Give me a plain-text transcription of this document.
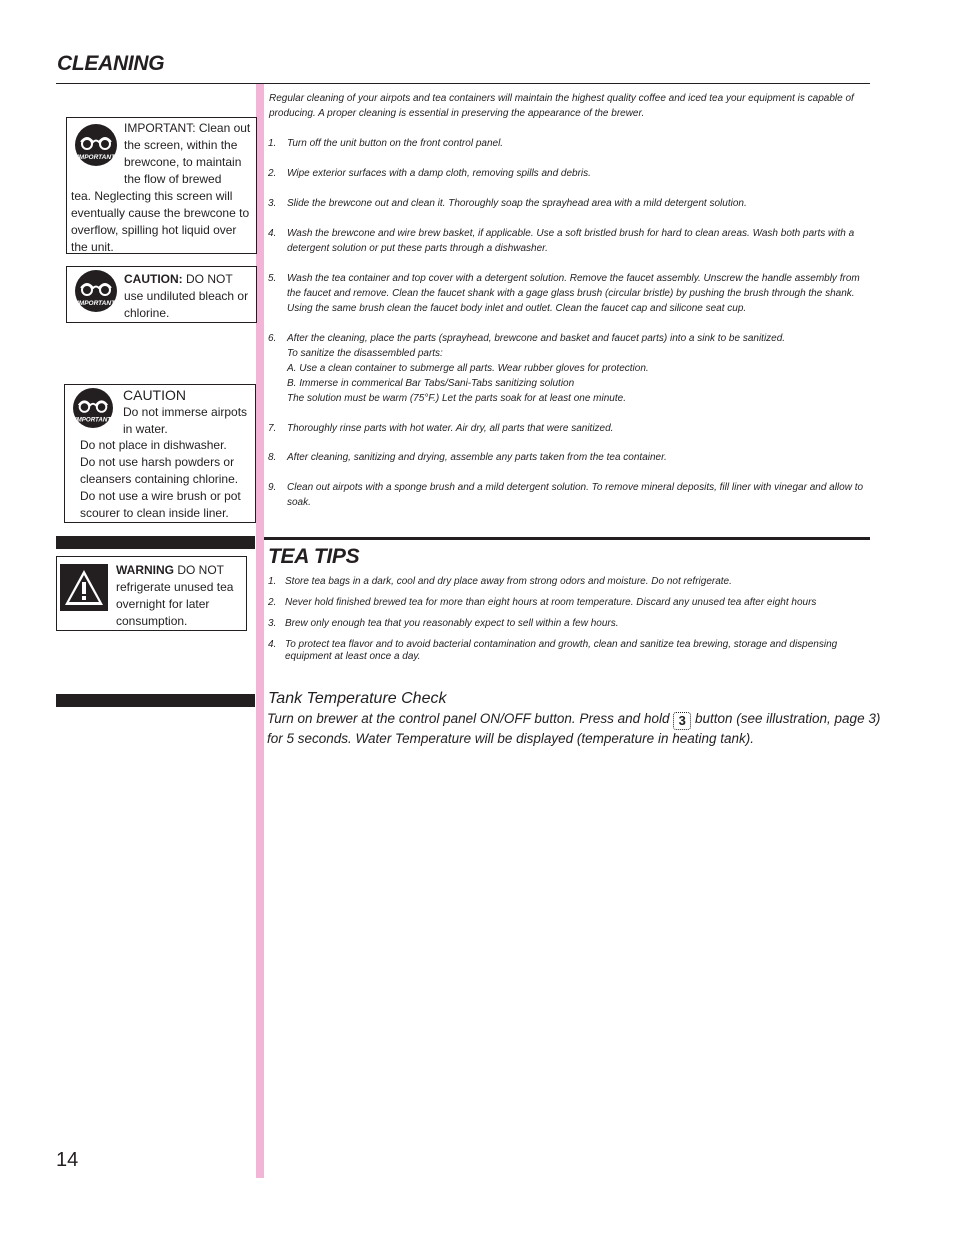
CLEANING
IMPORTANT
IMPORTANT: Clean out the screen, within the brewcone, to maintain the flow of brewed
tea. Neglecting this screen will eventually cause the brewcone to overflow, spilling hot liquid over the unit.
IMPORTANT
CAUTION: DO NOT use undiluted bleach or chlorine.
IMPORTANT
CAUTION
Do not immerse airpots in water.
Do not place in dishwasher.
Do not use harsh powders or
cleansers containing chlorine.
Do not use a wire brush or pot
scourer to clean inside liner.
WARNING DO NOT refrigerate unused tea overnight for later consumption.
Regular cleaning of your airpots and tea containers will maintain the highest quality coffee and iced tea your equipment is capable of producing. A proper cleaning is essential in preserving the appearance of the brewer.
1. Turn off the unit button on the front control panel.
2. Wipe exterior surfaces with a damp cloth, removing spills and debris.
3. Slide the brewcone out and clean it. Thoroughly soap the sprayhead area with a mild detergent solution.
4. Wash the brewcone and wire brew basket, if applicable. Use a soft bristled brush for hard to clean areas. Wash both parts with a detergent solution or put these parts through a dishwasher.
5. Wash the tea container and top cover with a detergent solution. Remove the faucet assembly. Unscrew the handle assembly from the faucet and remove. Clean the faucet shank with a gage glass brush (circular bristle) by pushing the brush through the shank. Using the same brush clean the faucet body inlet and outlet. Clean the faucet cap and silicone seat cup.
6. After the cleaning, place the parts (sprayhead, brewcone and basket and faucet parts) into a sink to be sanitized.
To sanitize the disassembled parts:
A. Use a clean container to submerge all parts. Wear rubber gloves for protection.
B. Immerse in commerical Bar Tabs/Sani-Tabs sanitizing solution
The solution must be warm (75°F.) Let the parts soak for at least one minute.
7. Thoroughly rinse parts with hot water. Air dry, all parts that were sanitized.
8. After cleaning, sanitizing and drying, assemble any parts taken from the tea container.
9. Clean out airpots with a sponge brush and a mild detergent solution. To remove mineral deposits, fill liner with vinegar and allow to soak.
TEA TIPS
1. Store tea bags in a dark, cool and dry place away from strong odors and moisture. Do not refrigerate.
2. Never hold finished brewed tea for more than eight hours at room temperature. Discard any unused tea after eight hours
3. Brew only enough tea that you reasonably expect to sell within a few hours.
4. To protect tea flavor and to avoid bacterial contamination and growth, clean and sanitize tea brewing, storage and dispensing equipment at least once a day.
Tank Temperature Check
Turn on brewer at the control panel ON/OFF button. Press and hold 3 button (see illustration, page 3)
for 5 seconds. Water Temperature will be displayed (temperature in heating tank).
14
